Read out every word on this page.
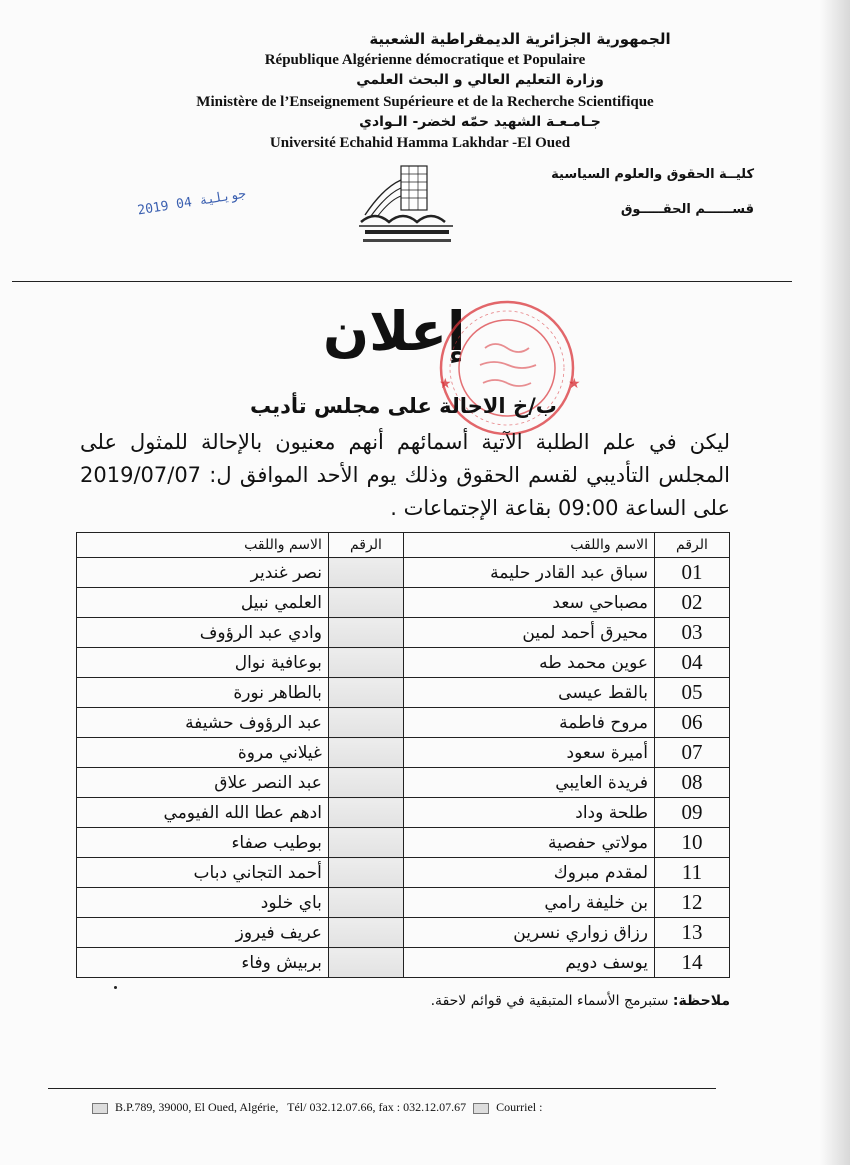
الجمهورية الجزائرية الديمقراطية الشعبية
République Algérienne démocratique et Populaire
وزارة التعليم العالي و البحث العلمي
Ministère de l’Enseignement Supérieure et de la Recherche Scientifique
جـامـعـة الشهيد حمّه لخضر- الـوادي
Université Echahid Hamma Lakhdar -El Oued
كليــة الحقوق والعلوم السياسية
قســــــم الحقـــــوق
2019 جويلية 04
إعلان
★
★
ب/خ الاحالة على مجلس تأديب
ليكن في علم الطلبة الآتية أسمائهم أنهم معنيون بالإحالة للمثول على المجلس التأديبي لقسم الحقوق وذلك يوم الأحد الموافق ل: 2019/07/07 على الساعة 09:00 بقاعة الإجتماعات .
الرقم	الاسم واللقب	الرقم	الاسم واللقب
01	سباق عبد القادر حليمة		نصر غندير
02	مصباحي سعد		العلمي نبيل
03	محيرق أحمد لمين		وادي عبد الرؤوف
04	عوين محمد طه		بوعافية نوال
05	بالقط عيسى		بالطاهر نورة
06	مروح فاطمة		عبد الرؤوف حشيفة
07	أميرة سعود		غيلاني مروة
08	فريدة العايبي		عبد النصر علاق
09	طلحة وداد		ادهم عطا الله الفيومي
10	مولاتي حفصية		بوطيب صفاء
11	لمقدم مبروك		أحمد التجاني دباب
12	بن خليفة رامي		باي خلود
13	رزاق زواري نسرين		عريف فيروز
14	يوسف دويم		بربيش وفاء
ملاحظة: ستبرمج الأسماء المتبقية في قوائم لاحقة.
B.P.789, 39000, El Oued, Algérie, Tél/ 032.12.07.66, fax : 032.12.07.67	Courriel :
